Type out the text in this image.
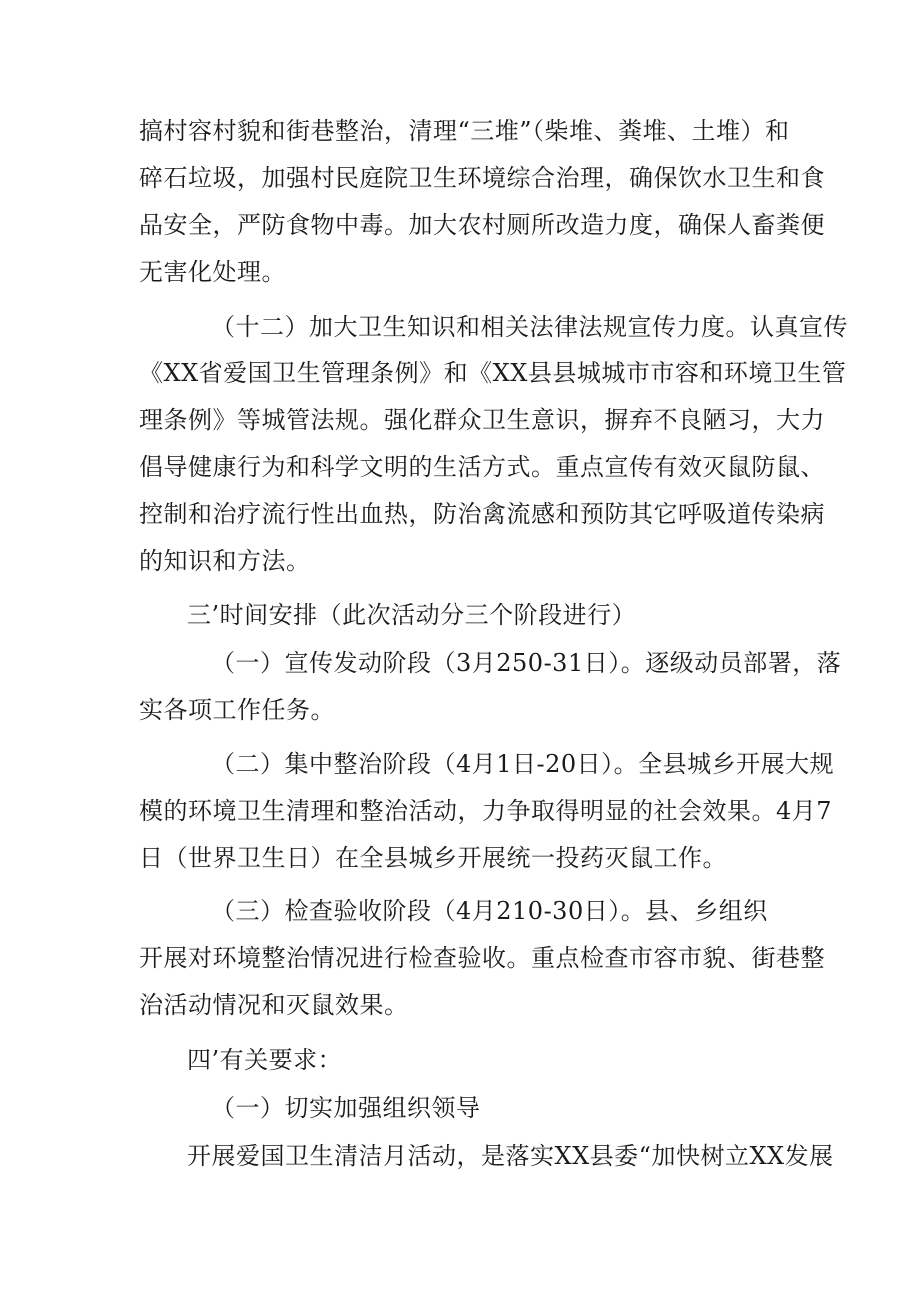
搞村容村貌和街巷整治，清理“三堆”（柴堆、粪堆、土堆）和
碎石垃圾，加强村民庭院卫生环境综合治理，确保饮水卫生和食
品安全，严防食物中毒。加大农村厕所改造力度，确保人畜粪便
无害化处理。
（十二）加大卫生知识和相关法律法规宣传力度。认真宣传
《XX省爱国卫生管理条例》和《XX县县城城市市容和环境卫生管
理条例》等城管法规。强化群众卫生意识，摒弃不良陋习，大力
倡导健康行为和科学文明的生活方式。重点宣传有效灭鼠防鼠、
控制和治疗流行性出血热，防治禽流感和预防其它呼吸道传染病
的知识和方法。
三’时间安排（此次活动分三个阶段进行）
（一）宣传发动阶段（3月250-31日）。逐级动员部署，落
实各项工作任务。
（二）集中整治阶段（4月1日-20日）。全县城乡开展大规
模的环境卫生清理和整治活动，力争取得明显的社会效果。4月7
日（世界卫生日）在全县城乡开展统一投药灭鼠工作。
（三）检查验收阶段（4月210-30日）。县、乡组织
开展对环境整治情况进行检查验收。重点检查市容市貌、街巷整
治活动情况和灭鼠效果。
四’有关要求：
（一）切实加强组织领导
开展爱国卫生清洁月活动，是落实XX县委“加快树立XX发展
